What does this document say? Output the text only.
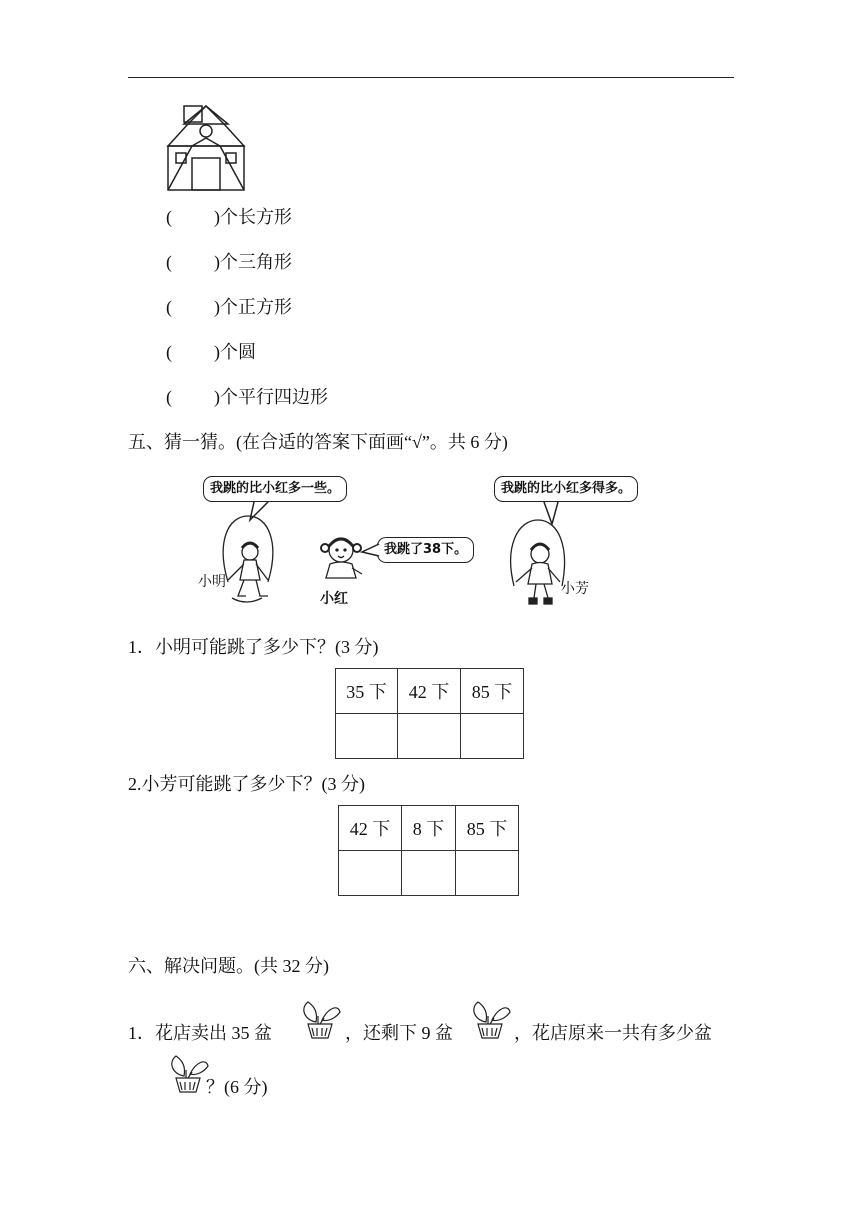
( )个长方形
( )个三角形
( )个正方形
( )个圆
( )个平行四边形
五、猜一猜。(在合适的答案下面画“√”。共 6 分)
我跳的比小红多一些。
我跳了38下。
我跳的比小红多得多。
小明
小红
小芳
1．小明可能跳了多少下？(3 分)
35 下	42 下	85 下

2.小芳可能跳了多少下？(3 分)
42 下	8 下	85 下

六、解决问题。(共 32 分)
1．花店卖出 35 盆	，还剩下 9 盆	，花店原来一共有多少盆
？(6 分)
